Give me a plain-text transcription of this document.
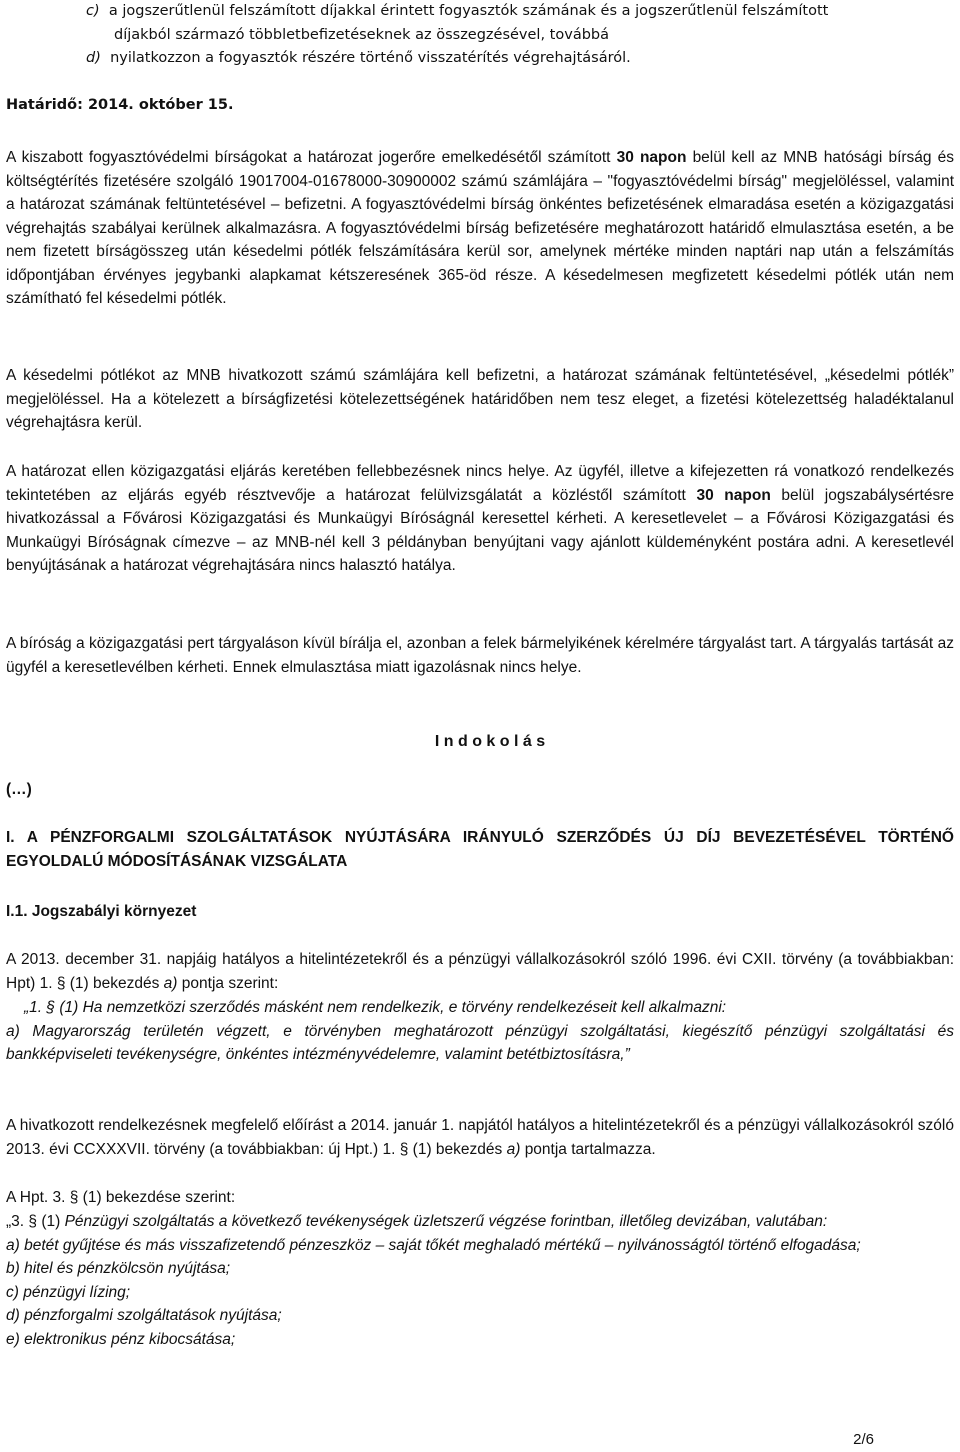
c) a jogszerűtlenül felszámított díjakkal érintett fogyasztók számának és a jogszerűtlenül felszámított
díjakból származó többletbefizetéseknek az összegzésével, továbbá
d) nyilatkozzon a fogyasztók részére történő visszatérítés végrehajtásáról.
Határidő: 2014. október 15.

A kiszabott fogyasztóvédelmi bírságokat a határozat jogerőre emelkedésétől számított 30 napon belül kell az MNB hatósági bírság és költségtérítés fizetésére szolgáló 19017004-01678000-30900002 számú számlájára – "fogyasztóvédelmi bírság" megjelöléssel, valamint a határozat számának feltüntetésével – befizetni. A fogyasztóvédelmi bírság önkéntes befizetésének elmaradása esetén a közigazgatási végrehajtás szabályai kerülnek alkalmazásra. A fogyasztóvédelmi bírság befizetésére meghatározott határidő elmulasztása esetén, a be nem fizetett bírságösszeg után késedelmi pótlék felszámítására kerül sor, amelynek mértéke minden naptári nap után a felszámítás időpontjában érvényes jegybanki alapkamat kétszeresének 365-öd része. A késedelmesen megfizetett késedelmi pótlék után nem számítható fel késedelmi pótlék.

A késedelmi pótlékot az MNB hivatkozott számú számlájára kell befizetni, a határozat számának feltüntetésével, „késedelmi pótlék” megjelöléssel. Ha a kötelezett a bírságfizetési kötelezettségének határidőben nem tesz eleget, a fizetési kötelezettség haladéktalanul végrehajtásra kerül.

A határozat ellen közigazgatási eljárás keretében fellebbezésnek nincs helye. Az ügyfél, illetve a kifejezetten rá vonatkozó rendelkezés tekintetében az eljárás egyéb résztvevője a határozat felülvizsgálatát a közléstől számított 30 napon belül jogszabálysértésre hivatkozással a Fővárosi Közigazgatási és Munkaügyi Bíróságnál keresettel kérheti. A keresetlevelet – a Fővárosi Közigazgatási és Munkaügyi Bíróságnak címezve – az MNB-nél kell 3 példányban benyújtani vagy ajánlott küldeményként postára adni. A keresetlevél benyújtásának a határozat végrehajtására nincs halasztó hatálya.

A bíróság a közigazgatási pert tárgyaláson kívül bírálja el, azonban a felek bármelyikének kérelmére tárgyalást tart. A tárgyalás tartását az ügyfél a keresetlevélben kérheti. Ennek elmulasztása miatt igazolásnak nincs helye.

I n d o k o l á s
(…)
I. A PÉNZFORGALMI SZOLGÁLTATÁSOK NYÚJTÁSÁRA IRÁNYULÓ SZERZŐDÉS ÚJ DÍJ BEVEZETÉSÉVEL TÖRTÉNŐ EGYOLDALÚ MÓDOSÍTÁSÁNAK VIZSGÁLATA
I.1. Jogszabályi környezet

A 2013. december 31. napjáig hatályos a hitelintézetekről és a pénzügyi vállalkozásokról szóló 1996. évi CXII. törvény (a továbbiakban: Hpt) 1. § (1) bekezdés a) pontja szerint:

„1. § (1) Ha nemzetközi szerződés másként nem rendelkezik, e törvény rendelkezéseit kell alkalmazni:

a) Magyarország területén végzett, e törvényben meghatározott pénzügyi szolgáltatási, kiegészítő pénzügyi szolgáltatási és bankképviseleti tevékenységre, önkéntes intézményvédelemre, valamint betétbiztosításra,”

A hivatkozott rendelkezésnek megfelelő előírást a 2014. január 1. napjától hatályos a hitelintézetekről és a pénzügyi vállalkozásokról szóló 2013. évi CCXXXVII. törvény (a továbbiakban: új Hpt.) 1. § (1) bekezdés a) pontja tartalmazza.

A Hpt. 3. § (1) bekezdése szerint:

„3. § (1) Pénzügyi szolgáltatás a következő tevékenységek üzletszerű végzése forintban, illetőleg devizában, valutában:

a) betét gyűjtése és más visszafizetendő pénzeszköz – saját tőkét meghaladó mértékű – nyilvánosságtól történő elfogadása;

b) hitel és pénzkölcsön nyújtása;
c) pénzügyi lízing;
d) pénzforgalmi szolgáltatások nyújtása;
e) elektronikus pénz kibocsátása;
2/6
